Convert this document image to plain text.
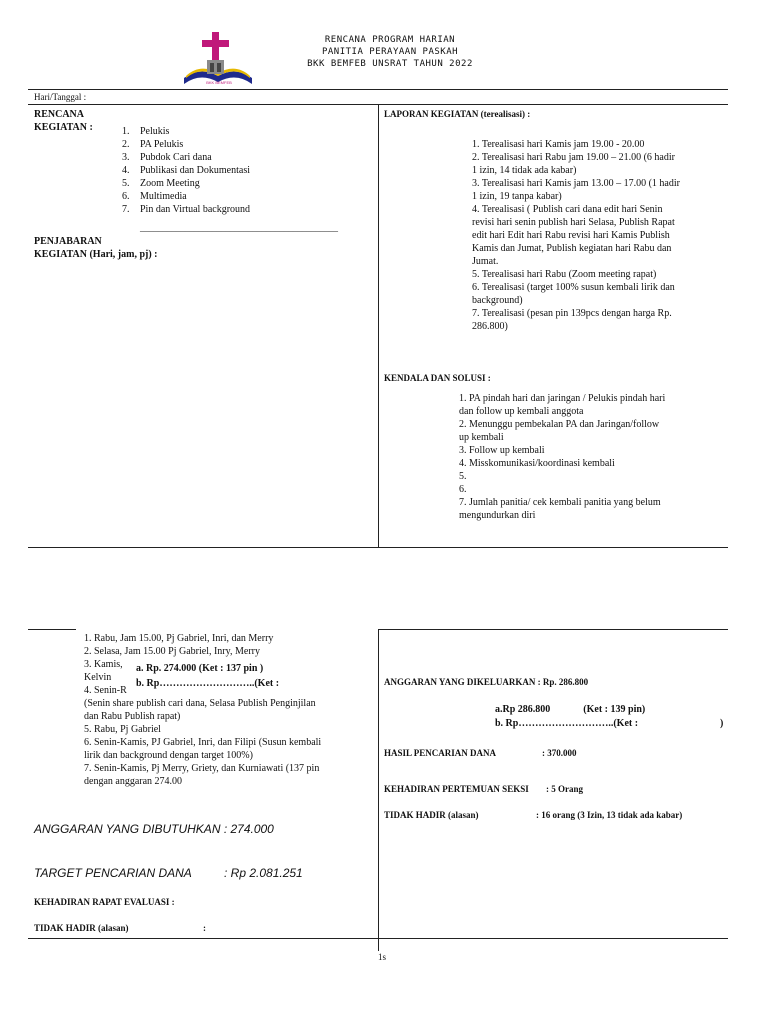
BKK BEMFEB
RENCANA PROGRAM HARIAN
PANITIA PERAYAAN PASKAH
BKK BEMFEB UNSRAT TAHUN 2022
Hari/Tanggal :
RENCANA
KEGIATAN :	1. Pelukis
2. PA Pelukis
3. Pubdok Cari dana
4. Publikasi dan Dokumentasi
5. Zoom Meeting
6. Multimedia
7. Pin dan Virtual background
____________________________________________
PENJABARAN
KEGIATAN (Hari, jam, pj) :
LAPORAN KEGIATAN (terealisasi) :
1. Terealisasi hari Kamis jam 19.00 - 20.00
2. Terealisasi hari Rabu jam 19.00 – 21.00 (6 hadir
1 izin, 14 tidak ada kabar)
3. Terealisasi hari Kamis jam 13.00 – 17.00 (1 hadir
1 izin, 19 tanpa kabar)
4. Terealisasi ( Publish cari dana edit hari Senin
revisi hari senin publish hari Selasa, Publish Rapat
edit hari Edit hari Rabu revisi hari Kamis Publish
Kamis dan Jumat, Publish kegiatan hari Rabu dan
Jumat.
5. Terealisasi hari Rabu (Zoom meeting rapat)
6. Terealisasi (target 100% susun kembali lirik dan
background)
7. Terealisasi (pesan pin 139pcs dengan harga Rp.
286.800)
KENDALA DAN SOLUSI :
1. PA pindah hari dan jaringan / Pelukis pindah hari
dan follow up kembali anggota
2. Menunggu pembekalan PA dan Jaringan/follow
up kembali
3. Follow up kembali
4. Misskomunikasi/koordinasi kembali
5.
6.
7. Jumlah panitia/ cek kembali panitia yang belum
mengundurkan diri
1. Rabu, Jam 15.00, Pj Gabriel, Inri, dan Merry
2. Selasa, Jam 15.00 Pj Gabriel, Inry, Merry
3. Kamis,
Kelvin
4. Senin-R
(Senin share publish cari dana, Selasa Publish Penginjilan
dan Rabu Publish rapat)
5. Rabu, Pj Gabriel
6. Senin-Kamis, PJ Gabriel, Inri, dan Filipi (Susun kembali
lirik dan background dengan target 100%)
7. Senin-Kamis, Pj Merry, Griety, dan Kurniawati (137 pin
dengan anggaran 274.00
a. Rp. 274.000 (Ket : 137 pin )
b. Rp………………………..(Ket :
ANGGARAN YANG DIBUTUHKAN : 274.000
TARGET PENCARIAN DANA	: Rp 2.081.251
KEHADIRAN RAPAT EVALUASI :
TIDAK HADIR (alasan)	:
ANGGARAN YANG DIKELUARKAN : Rp. 286.800
a.Rp 286.800	(Ket : 139 pin)
b. Rp………………………..(Ket :	)
HASIL PENCARIAN DANA	: 370.000
KEHADIRAN PERTEMUAN SEKSI : 5 Orang
TIDAK HADIR (alasan)	: 16 orang (3 Izin, 13 tidak ada kabar)
1s
